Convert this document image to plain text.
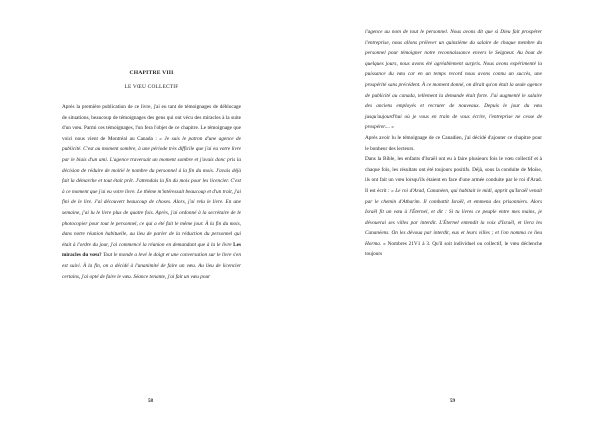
CHAPITRE VIII
LE VŒU COLLECTIF

Après la première publication de ce livre, j'ai eu tant de témoignages de déblocage de situations, beaucoup de témoignages des gens qui ont vécu des miracles à la suite d'un vœu. Parmi ces témoignages, l'un fera l'objet de ce chapitre. Le témoignage que voici nous vient de Montréal au Canada : « Je suis le patron d'une agence de publicité. C'est au moment sombre, à une période très difficile que j'ai eu votre livre par le biais d'un ami. L'agence traversait un moment sombre et j'avais donc pris la décision de réduire de moitié le nombre du personnel à la fin du mois. J'avais déjà fait la démarche et tout était prêt. J'attendais la fin du mois pour les licencier. C'est à ce moment que j'ai eu votre livre. Le thème m'intéressait beaucoup et d'un trait, j'ai fini de le lire. J'ai découvert beaucoup de choses. Alors, j'ai relu le livre. En une semaine, j'ai lu le livre plus de quatre fois. Après, j'ai ordonné à la secrétaire de le photocopier pour tout le personnel, ce qui a été fait le même jour. À la fin du mois, dans notre réunion habituelle, au lieu de parler de la réduction du personnel qui était à l'ordre du jour, j'ai commencé la réunion en demandant que à la le livre Les miracles du vœu? Tout le monde a levé le doigt et une conversation sur le livre s'en est suivi. À la fin, on a décidé à l'unanimité de faire un vœu. Au lieu de licencier certains, j'ai opté de faire le vœu. Séance tenante, j'ai fait un vœu pour

58

l'agence au nom de tout le personnel. Nous avons dit que si Dieu fait prospérer l'entreprise, nous allons prélever un quinzième du salaire de chaque membre du personnel pour témoigner notre reconnaissance envers le Seigneur. Au bout de quelques jours, nous avons été agréablement surpris. Nous avons expérimenté la puissance du vœu car en un temps record nous avons connu un succès, une prospérité sans précédent. À ce moment donné, on dirait qu'on était la seule agence de publicité au canada, tellement la demande était forte. J'ai augmenté le salaire des anciens employés et recruter de nouveaux. Depuis le jour du vœu jusqu'aujourd'hui où je vous en train de vous écrire, l'entreprise ne cesse de prospérer.... »

Après avoir lu le témoignage de ce Canadien, j'ai décidé d'ajouter ce chapitre pour le bonheur des lecteurs.

Dans la Bible, les enfants d'Israël ont eu à faire plusieurs fois le vœu collectif et à chaque fois, les résultats ont été toujours positifs. Déjà, sous la conduite de Moïse, ils ont fait un vœu lorsqu'ils étaient en face d'une armée conduite par le roi d'Arad. Il est écrit : « Le roi d'Arad, Cananéen, qui habitait le midi, apprit qu'Israël venait par le chemin d'Atharim. Il combattit Israël, et emmena des prisonniers. Alors Israël fit un vœu à l'Éternel, et dit : Si tu livres ce peuple entre mes mains, je dévouerai ses villes par interdit. L'Éternel entendit la voix d'Israël, et livra les Cananéens. On les dévoua par interdit, eux et leurs villes ; et l'on nomma ce lieu Horma. » Nombres 21V1 à 3. Qu'il soit individuel ou collectif, le vœu déclenche toujours

59
